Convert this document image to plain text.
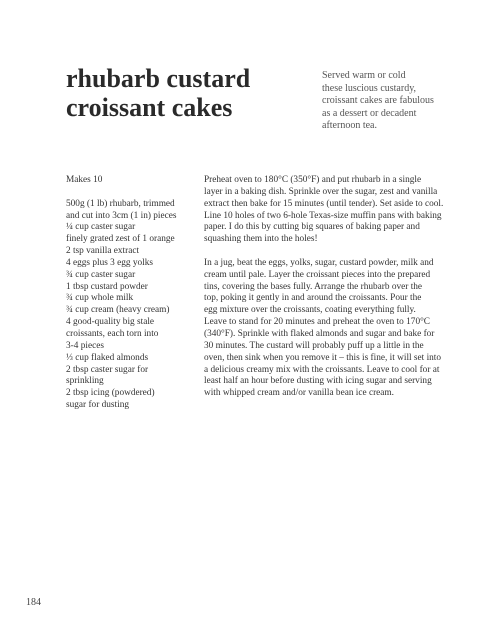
rhubarb custard
croissant cakes
Served warm or cold
these luscious custardy,
croissant cakes are fabulous
as a dessert or decadent
afternoon tea.
Makes 10
500g (1 lb) rhubarb, trimmed
and cut into 3cm (1 in) pieces
¼ cup caster sugar
finely grated zest of 1 orange
2 tsp vanilla extract
4 eggs plus 3 egg yolks
¾ cup caster sugar
1 tbsp custard powder
¾ cup whole milk
¾ cup cream (heavy cream)
4 good-quality big stale
croissants, each torn into
3-4 pieces
⅓ cup flaked almonds
2 tbsp caster sugar for
sprinkling
2 tbsp icing (powdered)
sugar for dusting
Preheat oven to 180°C (350°F) and put rhubarb in a single
layer in a baking dish. Sprinkle over the sugar, zest and vanilla
extract then bake for 15 minutes (until tender). Set aside to cool.
Line 10 holes of two 6-hole Texas-size muffin pans with baking
paper. I do this by cutting big squares of baking paper and
squashing them into the holes!
In a jug, beat the eggs, yolks, sugar, custard powder, milk and
cream until pale. Layer the croissant pieces into the prepared
tins, covering the bases fully. Arrange the rhubarb over the
top, poking it gently in and around the croissants. Pour the
egg mixture over the croissants, coating everything fully.
Leave to stand for 20 minutes and preheat the oven to 170°C
(340°F). Sprinkle with flaked almonds and sugar and bake for
30 minutes. The custard will probably puff up a little in the
oven, then sink when you remove it – this is fine, it will set into
a delicious creamy mix with the croissants. Leave to cool for at
least half an hour before dusting with icing sugar and serving
with whipped cream and/or vanilla bean ice cream.
184
